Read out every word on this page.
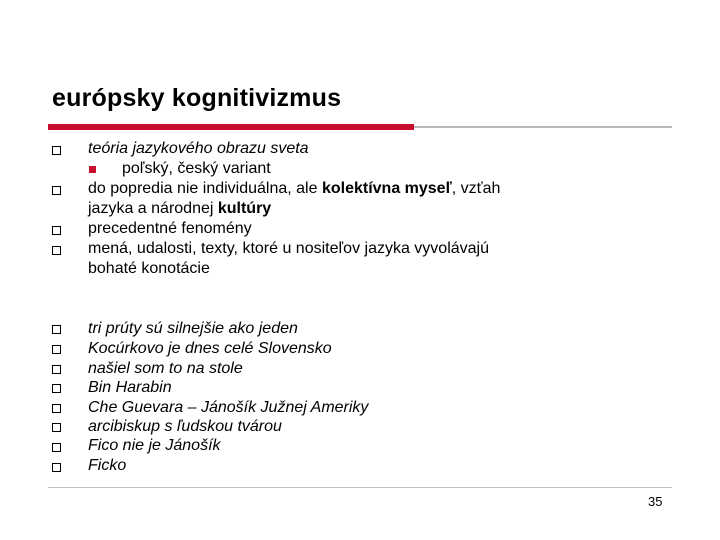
európsky kognitivizmus
teória jazykového obrazu sveta
poľský, český variant
do popredia nie individuálna, ale kolektívna myseľ, vzťah
jazyka a národnej kultúry
precedentné fenomény
mená, udalosti, texty, ktoré u nositeľov jazyka vyvolávajú
bohaté konotácie
tri prúty sú silnejšie ako jeden
Kocúrkovo je dnes celé Slovensko
našiel som to na stole
Bin Harabin
Che Guevara – Jánošík Južnej Ameriky
arcibiskup s ľudskou tvárou
Fico nie je Jánošík
Ficko
35
